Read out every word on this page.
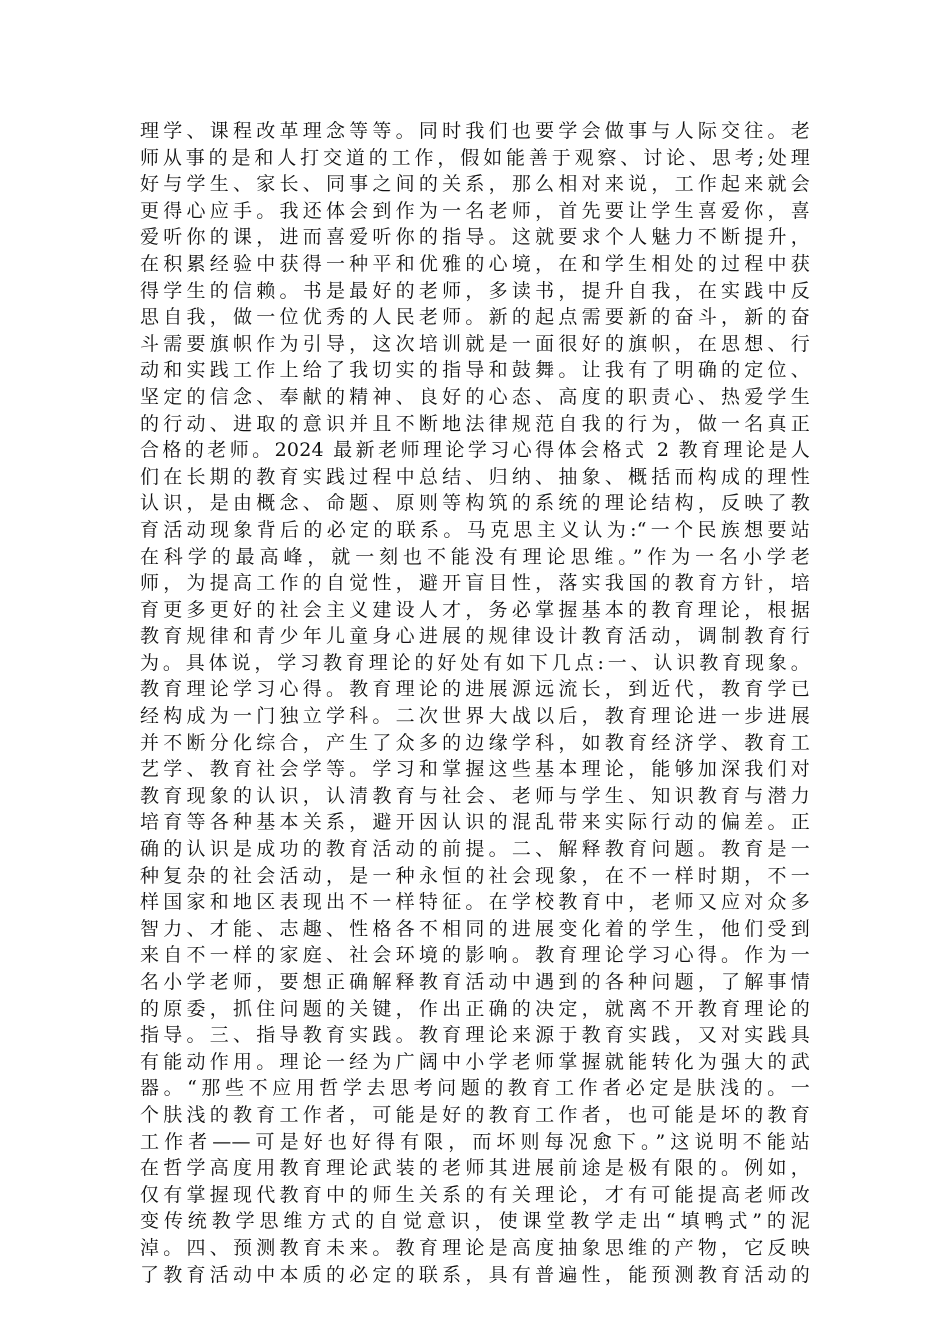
理学、课程改革理念等等。同时我们也要学会做事与人际交往。老
师从事的是和人打交道的工作，假如能善于观察、讨论、思考;处理
好与学生、家长、同事之间的关系，那么相对来说，工作起来就会
更得心应手。我还体会到作为一名老师，首先要让学生喜爱你，喜
爱听你的课，进而喜爱听你的指导。这就要求个人魅力不断提升，
在积累经验中获得一种平和优雅的心境，在和学生相处的过程中获
得学生的信赖。书是最好的老师，多读书，提升自我，在实践中反
思自我，做一位优秀的人民老师。新的起点需要新的奋斗，新的奋
斗需要旗帜作为引导，这次培训就是一面很好的旗帜，在思想、行
动和实践工作上给了我切实的指导和鼓舞。让我有了明确的定位、
坚定的信念、奉献的精神、良好的心态、高度的职责心、热爱学生
的行动、进取的意识并且不断地法律规范自我的行为，做一名真正
合格的老师。2024 最新老师理论学习心得体会格式 2 教育理论是人
们在长期的教育实践过程中总结、归纳、抽象、概括而构成的理性
认识，是由概念、命题、原则等构筑的系统的理论结构，反映了教
育活动现象背后的必定的联系。马克思主义认为:“一个民族想要站
在科学的最高峰，就一刻也不能没有理论思维。”作为一名小学老
师，为提高工作的自觉性，避开盲目性，落实我国的教育方针，培
育更多更好的社会主义建设人才，务必掌握基本的教育理论，根据
教育规律和青少年儿童身心进展的规律设计教育活动，调制教育行
为。具体说，学习教育理论的好处有如下几点:一、认识教育现象。
教育理论学习心得。教育理论的进展源远流长，到近代，教育学已
经构成为一门独立学科。二次世界大战以后，教育理论进一步进展
并不断分化综合，产生了众多的边缘学科，如教育经济学、教育工
艺学、教育社会学等。学习和掌握这些基本理论，能够加深我们对
教育现象的认识，认清教育与社会、老师与学生、知识教育与潜力
培育等各种基本关系，避开因认识的混乱带来实际行动的偏差。正
确的认识是成功的教育活动的前提。二、解释教育问题。教育是一
种复杂的社会活动，是一种永恒的社会现象，在不一样时期，不一
样国家和地区表现出不一样特征。在学校教育中，老师又应对众多
智力、才能、志趣、性格各不相同的进展变化着的学生，他们受到
来自不一样的家庭、社会环境的影响。教育理论学习心得。作为一
名小学老师，要想正确解释教育活动中遇到的各种问题，了解事情
的原委，抓住问题的关键，作出正确的决定，就离不开教育理论的
指导。三、指导教育实践。教育理论来源于教育实践，又对实践具
有能动作用。理论一经为广阔中小学老师掌握就能转化为强大的武
器。“那些不应用哲学去思考问题的教育工作者必定是肤浅的。一
个肤浅的教育工作者，可能是好的教育工作者，也可能是坏的教育
工作者——可是好也好得有限，而坏则每况愈下。”这说明不能站
在哲学高度用教育理论武装的老师其进展前途是极有限的。例如，
仅有掌握现代教育中的师生关系的有关理论，才有可能提高老师改
变传统教学思维方式的自觉意识，使课堂教学走出“填鸭式”的泥
淖。四、预测教育未来。教育理论是高度抽象思维的产物，它反映
了教育活动中本质的必定的联系，具有普遍性，能预测教育活动的
